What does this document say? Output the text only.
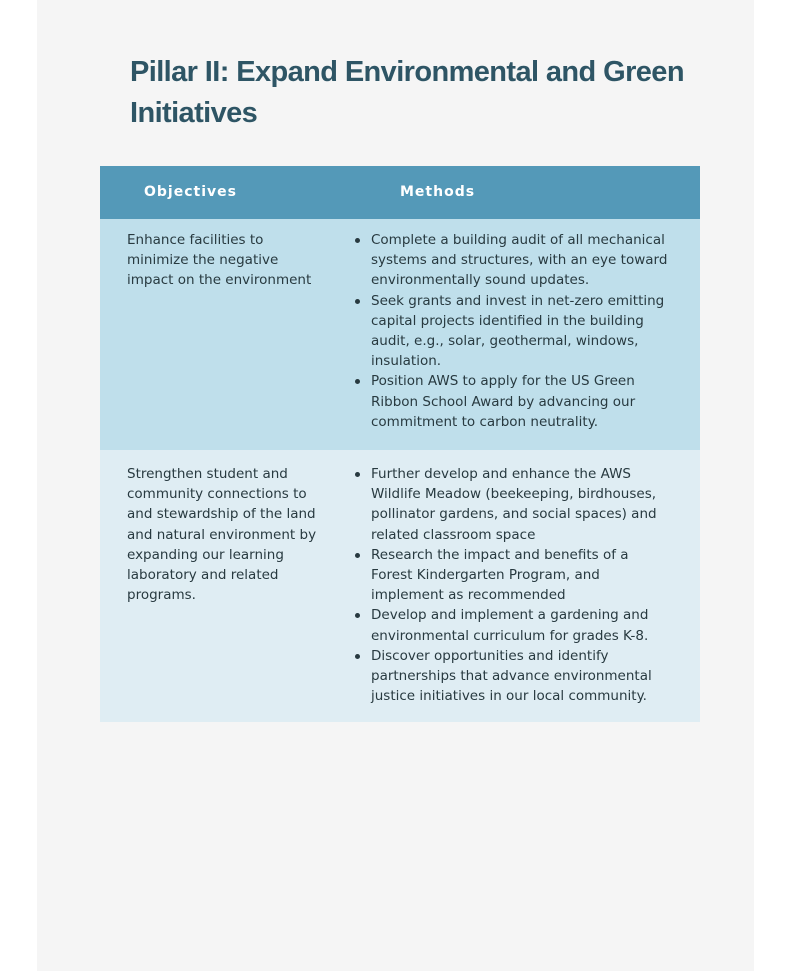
Pillar II: Expand Environmental and Green Initiatives
Objectives	Methods
Enhance facilities to minimize the negative impact on the environment
Complete a building audit of all mechanical systems and structures, with an eye toward environmentally sound updates.
Seek grants and invest in net-zero emitting capital projects identified in the building audit, e.g., solar, geothermal, windows, insulation.
Position AWS to apply for the US Green Ribbon School Award by advancing our commitment to carbon neutrality.
Strengthen student and community connections to and stewardship of the land and natural environment by expanding our learning laboratory and related programs.
Further develop and enhance the AWS Wildlife Meadow (beekeeping, birdhouses, pollinator gardens, and social spaces) and related classroom space
Research the impact and benefits of a Forest Kindergarten Program, and implement as recommended
Develop and implement a gardening and environmental curriculum for grades K-8.
Discover opportunities and identify partnerships that advance environmental justice initiatives in our local community.
